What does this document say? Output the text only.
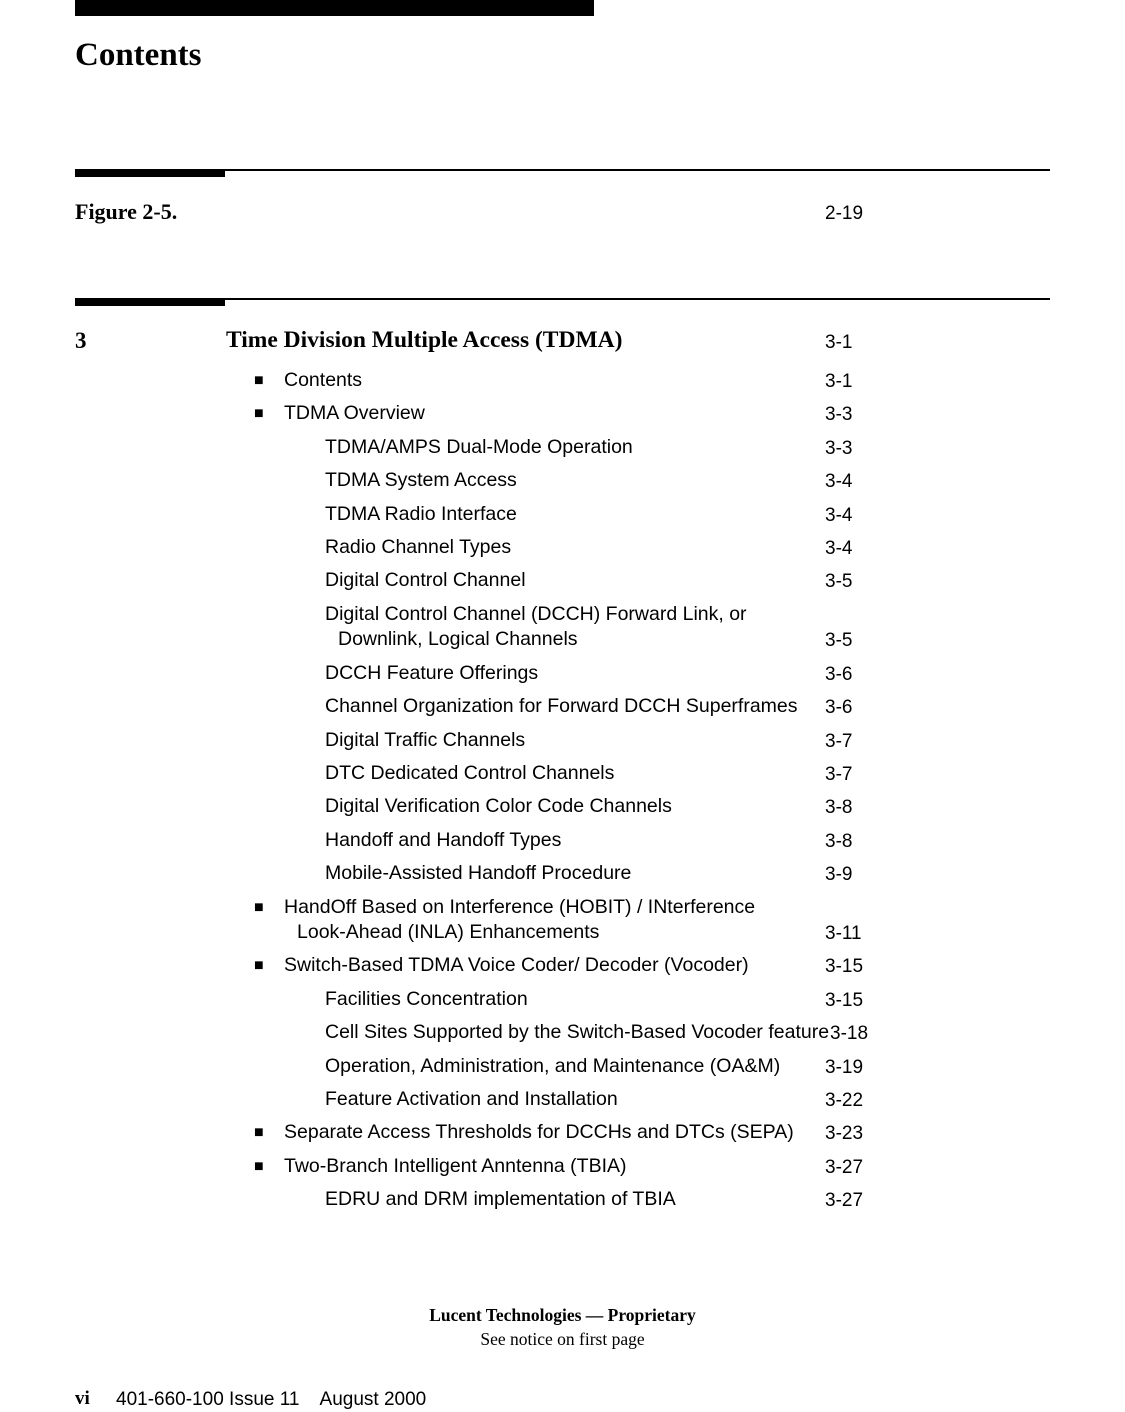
Contents
Figure 2-5.	2-19
3	Time Division Multiple Access (TDMA)	3-1
■ Contents	3-1
■ TDMA Overview	3-3
TDMA/AMPS Dual-Mode Operation	3-3
TDMA System Access	3-4
TDMA Radio Interface	3-4
Radio Channel Types	3-4
Digital Control Channel	3-5
Digital Control Channel (DCCH) Forward Link, or
Downlink, Logical Channels	3-5
DCCH Feature Offerings	3-6
Channel Organization for Forward DCCH Superframes 3-6
Digital Traffic Channels	3-7
DTC Dedicated Control Channels	3-7
Digital Verification Color Code Channels	3-8
Handoff and Handoff Types	3-8
Mobile-Assisted Handoff Procedure	3-9
■ HandOff Based on Interference (HOBIT) / INterference
Look-Ahead (INLA) Enhancements	3-11
■ Switch-Based TDMA Voice Coder/ Decoder (Vocoder)	3-15
Facilities Concentration	3-15
Cell Sites Supported by the Switch-Based Vocoder feature 3-18
Operation, Administration, and Maintenance (OA&M) 3-19
Feature Activation and Installation	3-22
■ Separate Access Thresholds for DCCHs and DTCs (SEPA) 3-23
■ Two-Branch Intelligent Anntenna (TBIA)	3-27
EDRU and DRM implementation of TBIA	3-27
Lucent Technologies — Proprietary
See notice on first page
vi 401-660-100 Issue 11    August 2000
